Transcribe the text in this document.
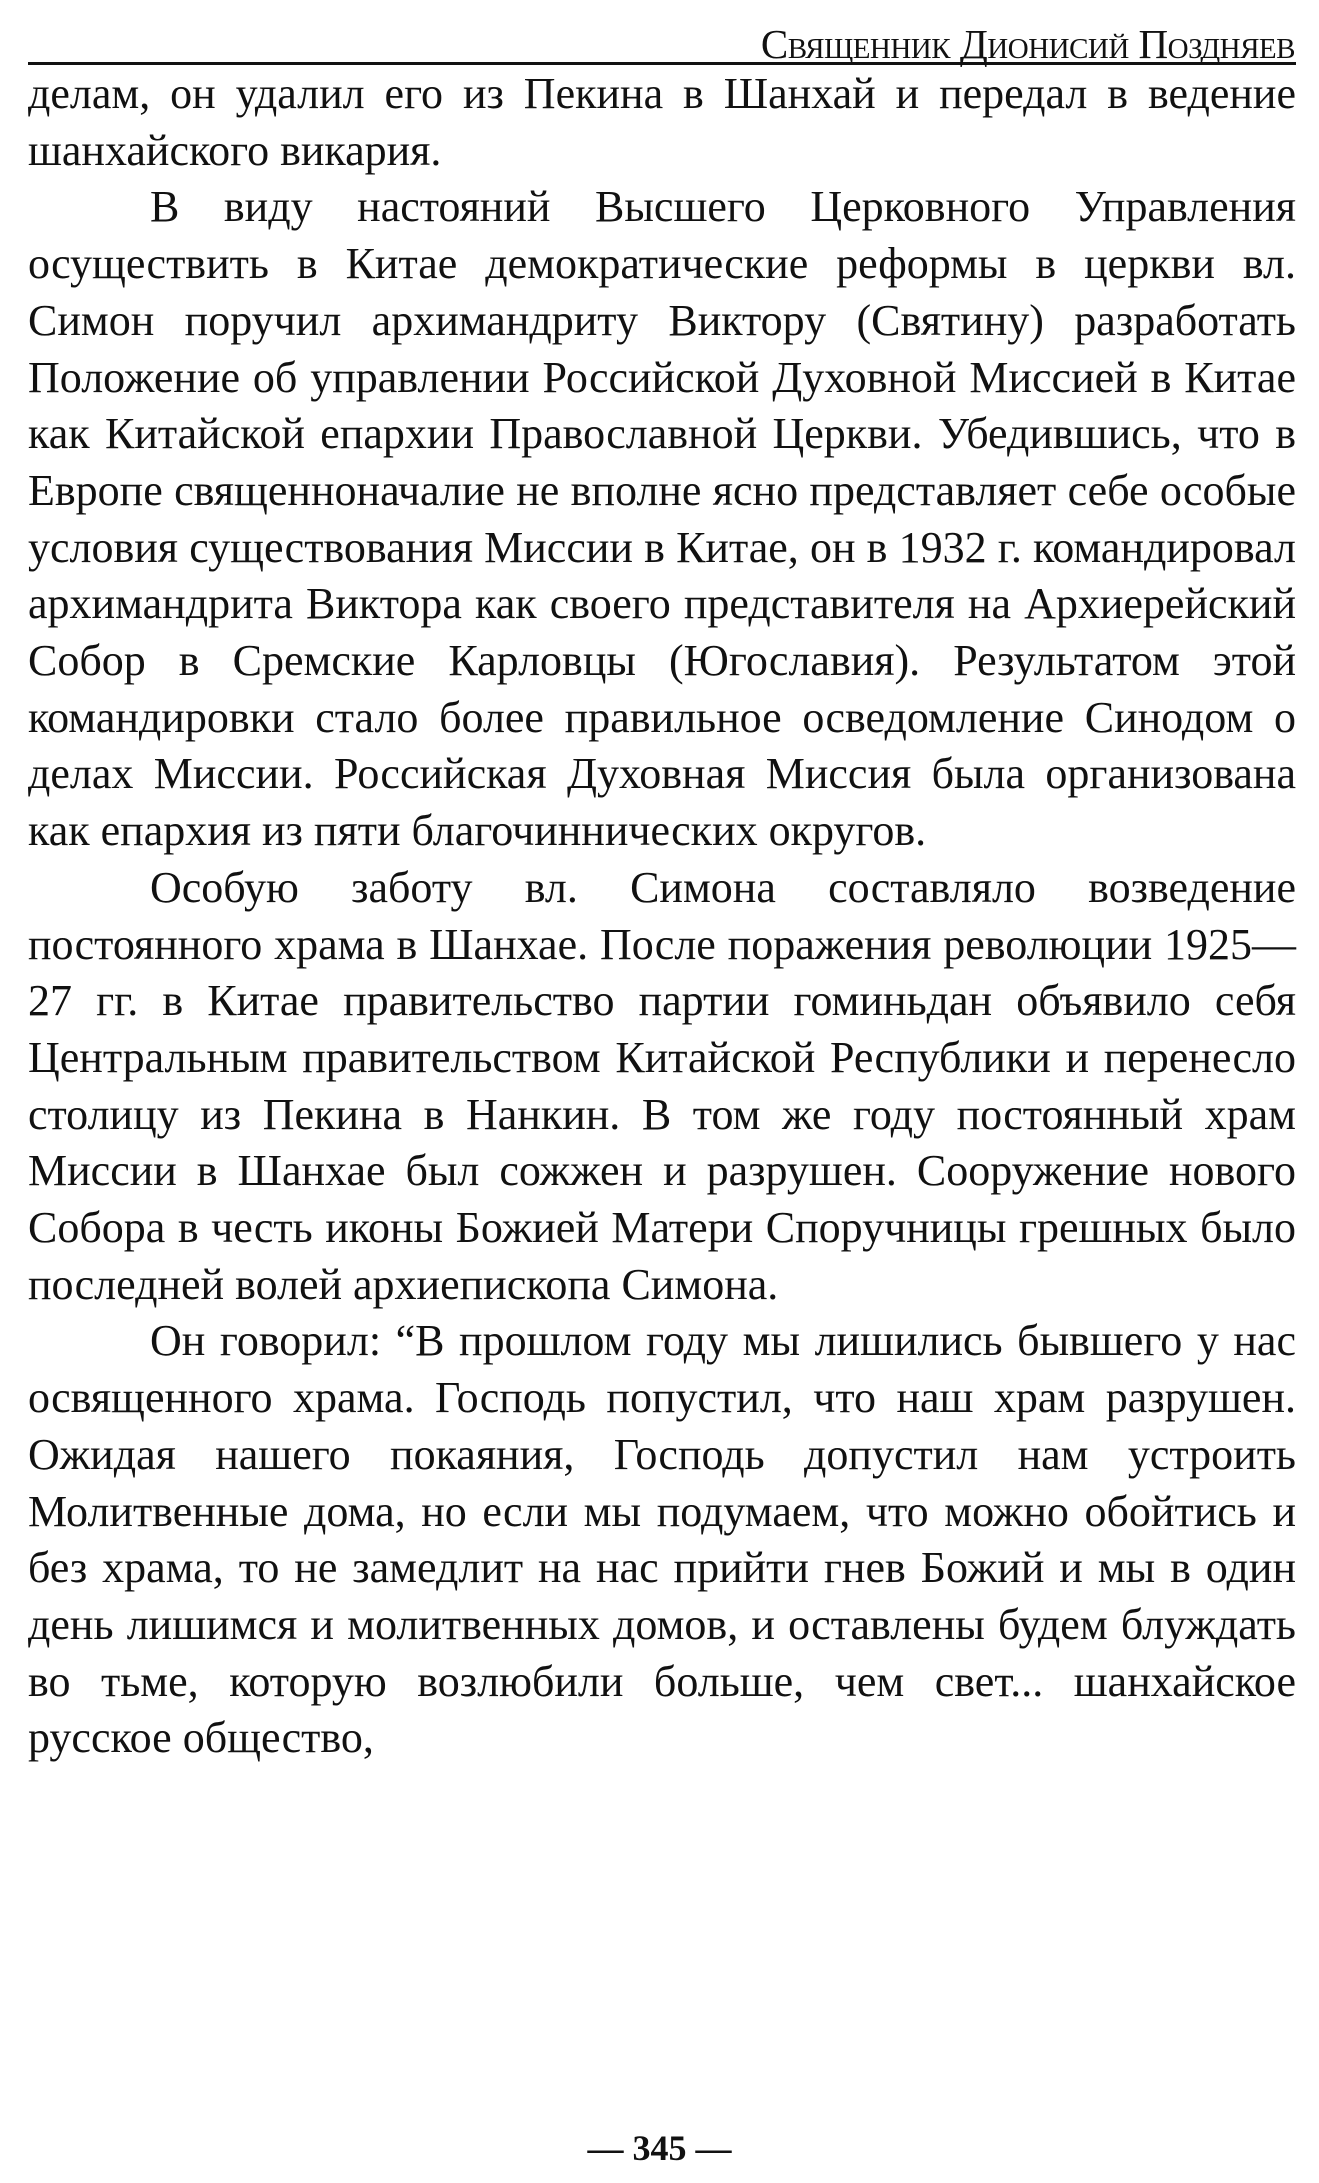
Священник Дионисий Поздняев

делам, он удалил его из Пекина в Шанхай и передал в ведение шанхайского викария.

В виду настояний Высшего Церковного Управления осуществить в Китае демократические реформы в церкви вл. Симон поручил архимандриту Виктору (Святину) разработать Положение об управлении Российской Духовной Миссией в Китае как Китайской епархии Православной Церкви. Убедившись, что в Европе священноначалие не вполне ясно представляет себе особые условия существования Миссии в Китае, он в 1932 г. командировал архимандрита Виктора как своего представителя на Архиерейский Собор в Сремские Карловцы (Югославия). Результатом этой командировки стало более правильное осведомление Синодом о делах Миссии. Российская Духовная Миссия была организована как епархия из пяти благочиннических округов.

Особую заботу вл. Симона составляло возведение постоянного храма в Шанхае. После поражения революции 1925—27 гг. в Китае правительство партии гоминьдан объявило себя Центральным правительством Китайской Республики и перенесло столицу из Пекина в Нанкин. В том же году постоянный храм Миссии в Шанхае был сожжен и разрушен. Сооружение нового Собора в честь иконы Божией Матери Споручницы грешных было последней волей архиепископа Симона.

Он говорил: “В прошлом году мы лишились бывшего у нас освященного храма. Господь попустил, что наш храм разрушен. Ожидая нашего покаяния, Господь допустил нам устроить Молитвенные дома, но если мы подумаем, что можно обойтись и без храма, то не замедлит на нас прийти гнев Божий и мы в один день лишимся и молитвенных домов, и оставлены будем блуждать во тьме, которую возлюбили больше, чем свет... шанхайское русское общество,

— 345 —
